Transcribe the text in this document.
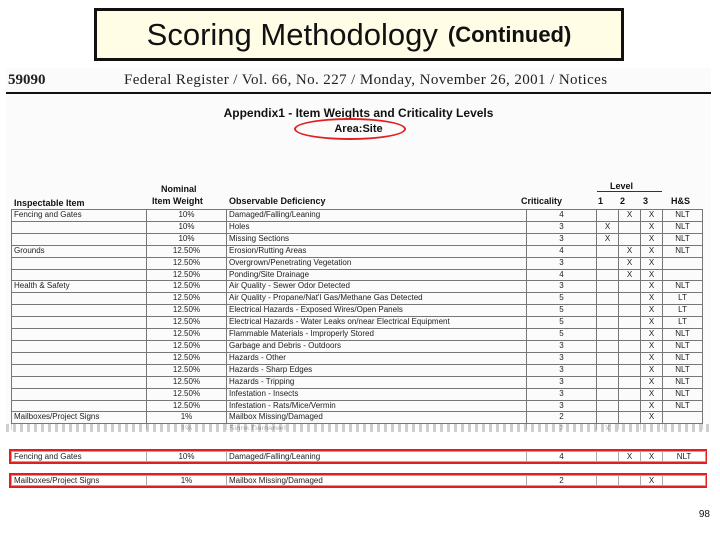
Scoring Methodology (Continued)
59090	Federal Register / Vol. 66, No. 227 / Monday, November 26, 2001 / Notices
Appendix1 - Item Weights and Criticality Levels
Area:Site
Nominal
Item Weight
Inspectable Item	Observable Deficiency	Criticality
Level
1 2 3	H&S
Fencing and Gates	10%	Damaged/Falling/Leaning	4		X	X	NLT
	10%	Holes	3	X		X	NLT
	10%	Missing Sections	3	X		X	NLT
Grounds	12.50%	Erosion/Rutting Areas	4		X	X	NLT
	12.50%	Overgrown/Penetrating Vegetation	3		X	X	
	12.50%	Ponding/Site Drainage	4		X	X	
Health & Safety	12.50%	Air Quality - Sewer Odor Detected	3			X	NLT
	12.50%	Air Quality - Propane/Nat'l Gas/Methane Gas Detected	5			X	LT
	12.50%	Electrical Hazards - Exposed Wires/Open Panels	5			X	LT
	12.50%	Electrical Hazards - Water Leaks on/near Electrical Equipment	5			X	LT
	12.50%	Flammable Materials - Improperly Stored	5			X	NLT
	12.50%	Garbage and Debris - Outdoors	3			X	NLT
	12.50%	Hazards - Other	3			X	NLT
	12.50%	Hazards - Sharp Edges	3			X	NLT
	12.50%	Hazards - Tripping	3			X	NLT
	12.50%	Infestation - Insects	3			X	NLT
	12.50%	Infestation - Rats/Mice/Vermin	3			X	NLT
Mailboxes/Project Signs	1%	Mailbox Missing/Damaged	2			X	

Fencing and Gates	10%	Damaged/Falling/Leaning	4		X	X	NLT
Mailboxes/Project Signs	1%	Mailbox Missing/Damaged	2			X	
98
